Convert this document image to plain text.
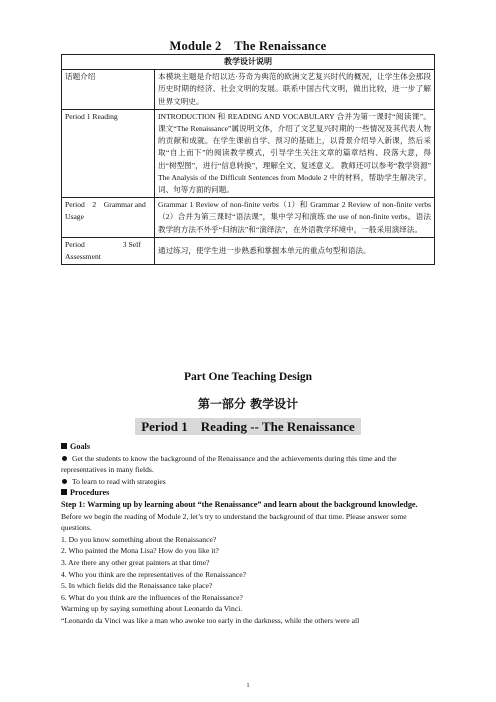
Module 2　The Renaissance
教学设计说明	
话题介绍	本模块主题是介绍以达·芬奇为典范的欧洲文艺复兴时代的概况，让学生体会那段历史时期的经济、社会文明的发展。联系中国古代文明，做出比较，进一步了解世界文明史。
Period 1 Reading	INTRODUCTION 和 READING AND VOCABULARY 合并为第一课时“阅读课”。课文“The Renaissance”属说明文体，介绍了文艺复兴时期的一些情况及其代表人物的贡献和成就。在学生课前自学、预习的基础上，以背景介绍导入新课，然后采取“自上而下”的阅读教学模式，引导学生关注文章的篇章结构、段落大意，得出“树型图”，进行“信息转换”，理解全文、复述意义。 教师还可以参考“教学资源” The Analysis of the Difficult Sentences from Module 2 中的材料，帮助学生解决字、词、句等方面的问题。
Period　2　Grammar and Usage	Grammar 1 Review of non-finite verbs（1）和 Grammar 2 Review of non-finite verbs（2）合并为第三课时“语法课”，集中学习和演练 the use of non-finite verbs。语法教学的方法不外乎“归纳法”和“演绎法”，在外语教学环境中，一般采用演绎法。
Period　　　　　3 Self Assessment	通过练习，使学生进一步熟悉和掌握本单元的重点句型和语法。
Part One Teaching Design
第一部分 教学设计
Period 1　Reading -- The Renaissance

Goals

Get the students to know the background of the Renaissance and the achievements during this time and the representatives in many fields.

To learn to read with strategies

Procedures

Step 1: Warming up by learning about “the Renaissance” and learn about the background knowledge.

Before we begin the reading of Module 2, let’s try to understand the background of that time. Please answer some questions.

1. Do you know something about the Renaissance?

2. Who painted the Mona Lisa? How do you like it?

3. Are there any other great painters at that time?

4. Who you think are the representatives of the Renaissance?

5. In which fields did the Renaissance take place?

6. What do you think are the influences of the Renaissance?

Warming up by saying something about Leonardo da Vinci.

“Leonardo da Vinci was like a man who awoke too early in the darkness, while the others were all

1
